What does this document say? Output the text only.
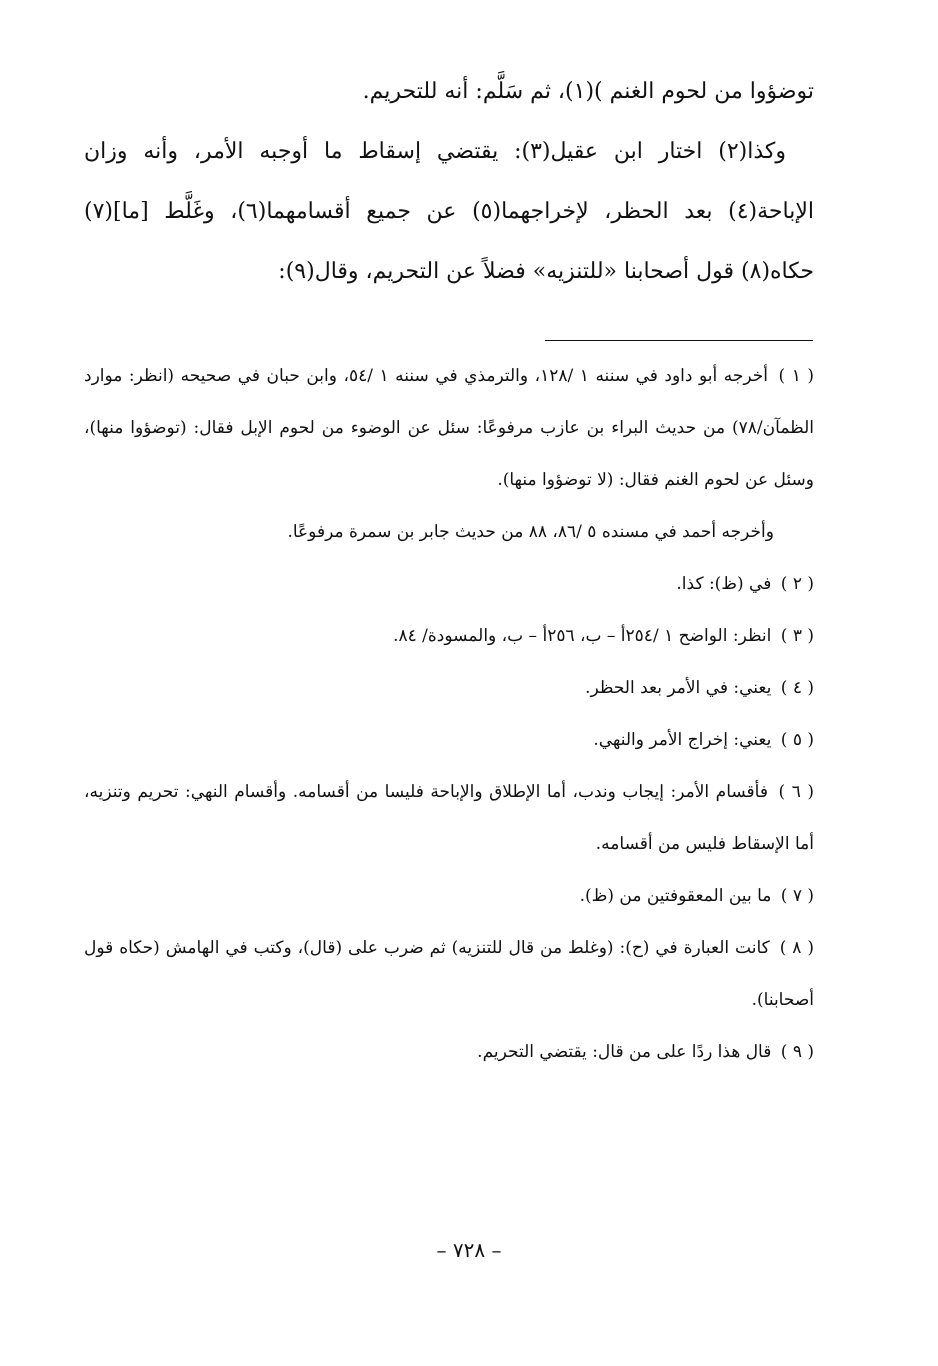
توضؤوا من لحوم الغنم )(١)، ثم سَلَّم: أنه للتحريم.

وكذا(٢) اختار ابن عقيل(٣): يقتضي إسقاط ما أوجبه الأمر، وأنه وزان الإباحة(٤) بعد الحظر، لإخراجهما(٥) عن جميع أقسامهما(٦)، وغَلَّط [ما](٧) حكاه(٨) قول أصحابنا «للتنزيه» فضلاً عن التحريم، وقال(٩):

( ١ ) أخرجه أبو داود في سننه ١ /١٢٨، والترمذي في سننه ١ /٥٤، وابن حبان في صحيحه (انظر: موارد الظمآن/٧٨) من حديث البراء بن عازب مرفوعًا: سئل عن الوضوء من لحوم الإبل فقال: (توضؤوا منها)، وسئل عن لحوم الغنم فقال: (لا توضؤوا منها).

وأخرجه أحمد في مسنده ٥ /٨٦، ٨٨ من حديث جابر بن سمرة مرفوعًا.

( ٢ ) في (ظ): كذا.

( ٣ ) انظر: الواضح ١ /٢٥٤أ – ب، ٢٥٦أ – ب، والمسودة/ ٨٤.

( ٤ ) يعني: في الأمر بعد الحظر.

( ٥ ) يعني: إخراج الأمر والنهي.

( ٦ ) فأقسام الأمر: إيجاب وندب، أما الإطلاق والإباحة فليسا من أقسامه. وأقسام النهي: تحريم وتنزيه، أما الإسقاط فليس من أقسامه.

( ٧ ) ما بين المعقوفتين من (ظ).

( ٨ ) كانت العبارة في (ح): (وغلط من قال للتنزيه) ثم ضرب على (قال)، وكتب في الهامش (حكاه قول أصحابنا).

( ٩ ) قال هذا ردًا على من قال: يقتضي التحريم.

– ٧٢٨ –
